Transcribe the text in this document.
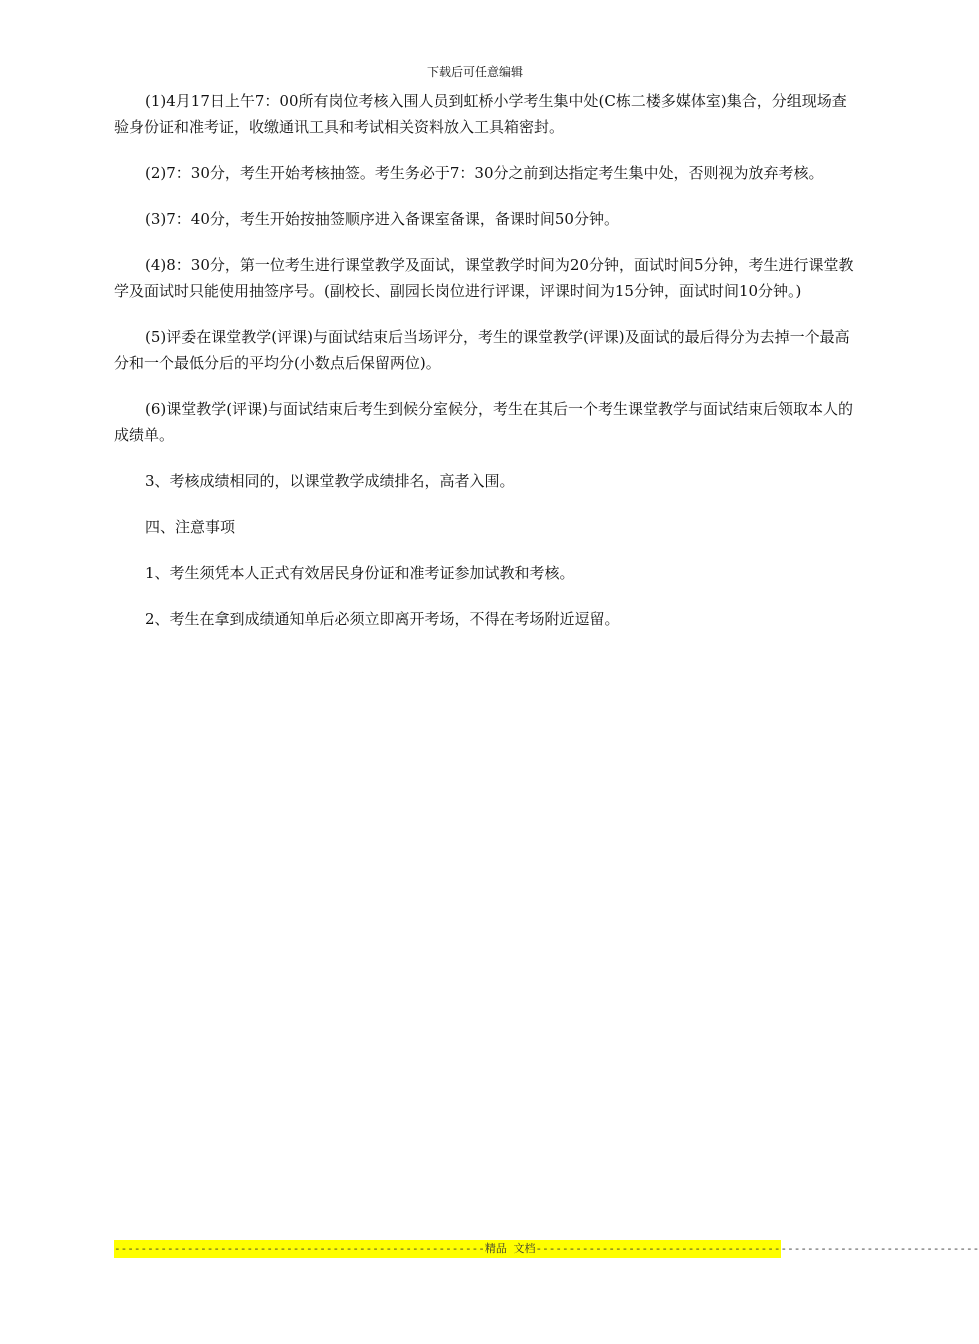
下载后可任意编辑

(1)4月17日上午7：00所有岗位考核入围人员到虹桥小学考生集中处(C栋二楼多媒体室)集合，分组现场查验身份证和准考证，收缴通讯工具和考试相关资料放入工具箱密封。

(2)7：30分，考生开始考核抽签。考生务必于7：30分之前到达指定考生集中处，否则视为放弃考核。

(3)7：40分，考生开始按抽签顺序进入备课室备课，备课时间50分钟。

(4)8：30分，第一位考生进行课堂教学及面试，课堂教学时间为20分钟，面试时间5分钟，考生进行课堂教学及面试时只能使用抽签序号。(副校长、副园长岗位进行评课，评课时间为15分钟，面试时间10分钟。)

(5)评委在课堂教学(评课)与面试结束后当场评分，考生的课堂教学(评课)及面试的最后得分为去掉一个最高分和一个最低分后的平均分(小数点后保留两位)。

(6)课堂教学(评课)与面试结束后考生到候分室候分，考生在其后一个考生课堂教学与面试结束后领取本人的成绩单。

3、考核成绩相同的，以课堂教学成绩排名，高者入围。

四、注意事项

1、考生须凭本人正式有效居民身份证和准考证参加试教和考核。

2、考生在拿到成绩通知单后必须立即离开考场，不得在考场附近逗留。

--------------------------------------------------------精品 文档-------------------------------------------------------------------
